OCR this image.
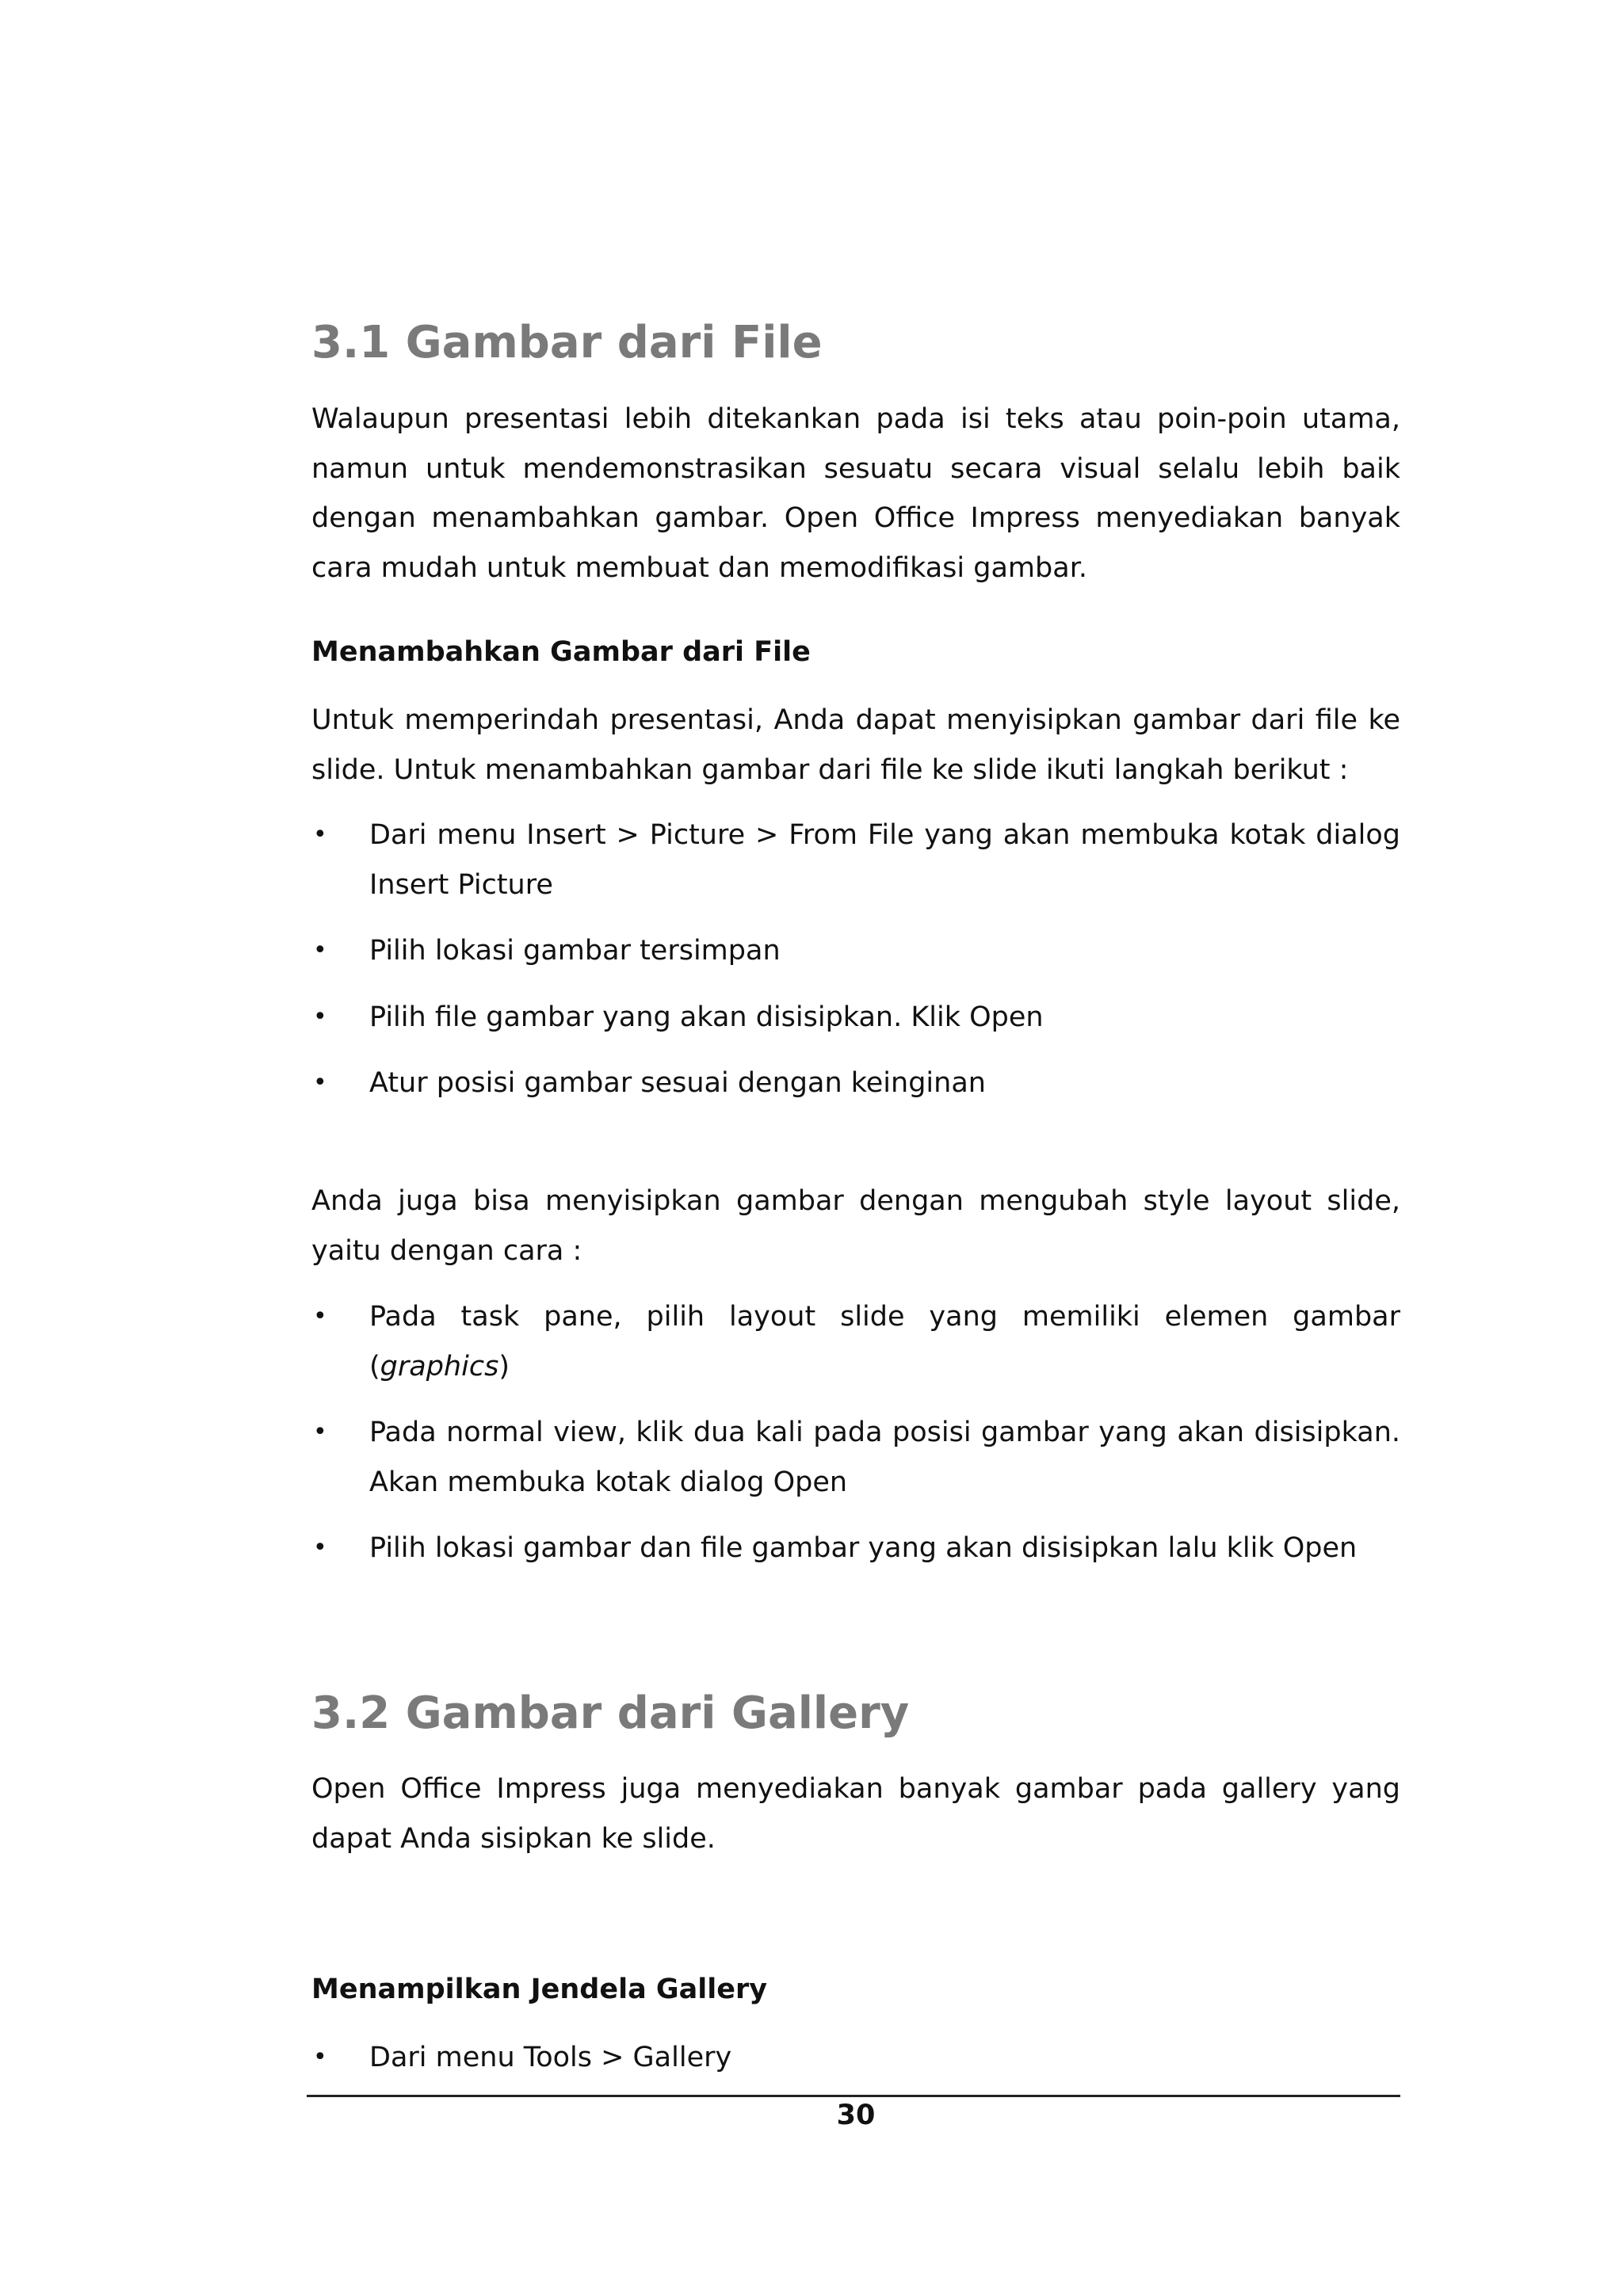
3.1 Gambar dari File

Walaupun presentasi lebih ditekankan pada isi teks atau poin-poin utama, namun untuk mendemonstrasikan sesuatu secara visual selalu lebih baik dengan menambahkan gambar. Open Office Impress menyediakan banyak cara mudah untuk membuat dan memodifikasi gambar.

Menambahkan Gambar dari File

Untuk memperindah presentasi, Anda dapat menyisipkan gambar dari file ke slide. Untuk menambahkan gambar dari file ke slide ikuti langkah berikut :

• Dari menu Insert > Picture > From File yang akan membuka kotak dialog Insert Picture
• Pilih lokasi gambar tersimpan
• Pilih file gambar yang akan disisipkan. Klik Open
• Atur posisi gambar sesuai dengan keinginan

Anda juga bisa menyisipkan gambar dengan mengubah style layout slide, yaitu dengan cara :

• Pada task pane, pilih layout slide yang memiliki elemen gambar (graphics)
• Pada normal view, klik dua kali pada posisi gambar yang akan disisipkan. Akan membuka kotak dialog Open
• Pilih lokasi gambar dan file gambar yang akan disisipkan lalu klik Open
3.2 Gambar dari Gallery

Open Office Impress juga menyediakan banyak gambar pada gallery yang dapat Anda sisipkan ke slide.

Menampilkan Jendela Gallery
• Dari menu Tools > Gallery
30
